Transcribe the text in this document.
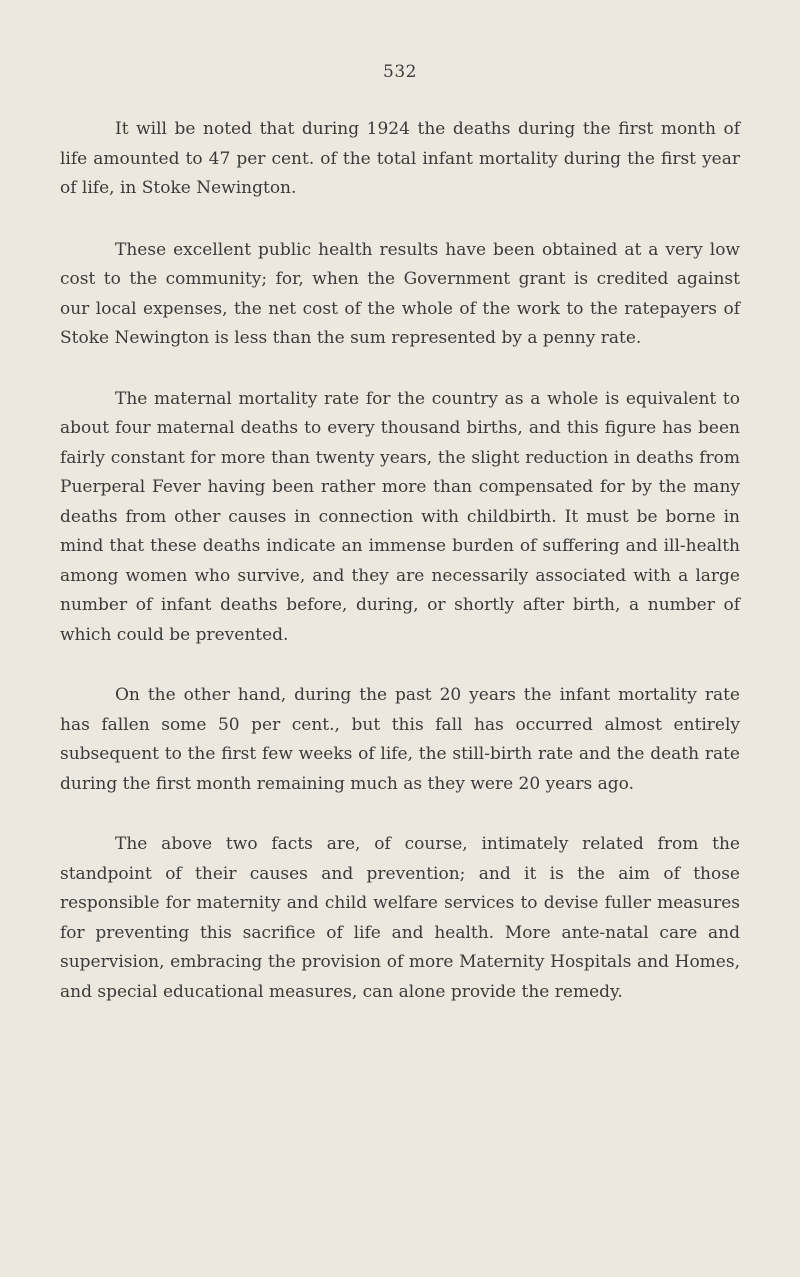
532

It will be noted that during 1924 the deaths during the first month of life amounted to 47 per cent. of the total infant mortality during the first year of life, in Stoke Newington.

These excellent public health results have been obtained at a very low cost to the community; for, when the Government grant is credited against our local expenses, the net cost of the whole of the work to the ratepayers of Stoke Newington is less than the sum represented by a penny rate.

The maternal mortality rate for the country as a whole is equivalent to about four maternal deaths to every thousand births, and this figure has been fairly constant for more than twenty years, the slight reduction in deaths from Puerperal Fever having been rather more than compensated for by the many deaths from other causes in connection with childbirth. It must be borne in mind that these deaths indicate an immense burden of suffering and ill-health among women who survive, and they are necessarily associated with a large number of infant deaths before, during, or shortly after birth, a number of which could be prevented.

On the other hand, during the past 20 years the infant mortality rate has fallen some 50 per cent., but this fall has occurred almost entirely subsequent to the first few weeks of life, the still-birth rate and the death rate during the first month remaining much as they were 20 years ago.

The above two facts are, of course, intimately related from the standpoint of their causes and prevention; and it is the aim of those responsible for maternity and child welfare services to devise fuller measures for preventing this sacrifice of life and health. More ante-natal care and supervision, embracing the provision of more Maternity Hospitals and Homes, and special educational measures, can alone provide the remedy.
